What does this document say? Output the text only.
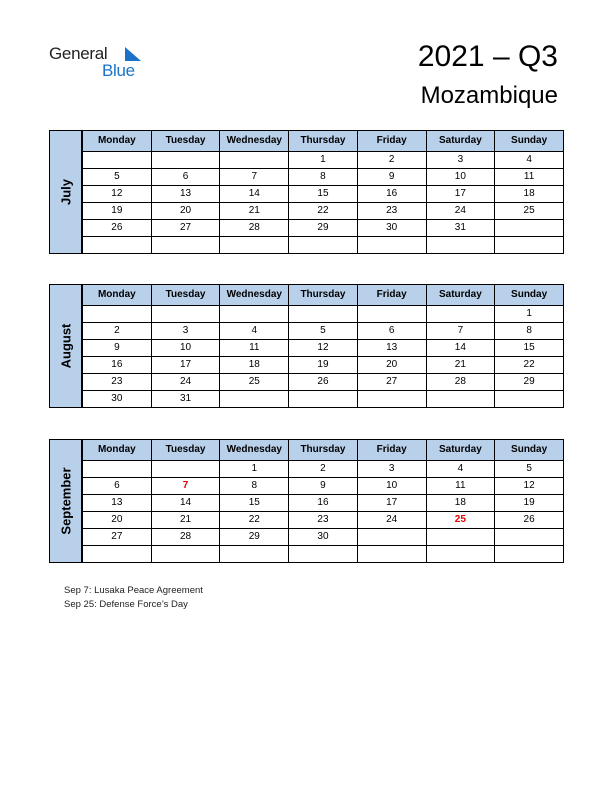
General
Blue	2021 – Q3
Mozambique
July
Monday	Tuesday	Wednesday	Thursday	Friday	Saturday	Sunday
			1	2	3	4
5	6	7	8	9	10	11
12	13	14	15	16	17	18
19	20	21	22	23	24	25
26	27	28	29	30	31	

August
Monday	Tuesday	Wednesday	Thursday	Friday	Saturday	Sunday
						1
2	3	4	5	6	7	8
9	10	11	12	13	14	15
16	17	18	19	20	21	22
23	24	25	26	27	28	29
30	31					
September
Monday	Tuesday	Wednesday	Thursday	Friday	Saturday	Sunday
		1	2	3	4	5
6	7	8	9	10	11	12
13	14	15	16	17	18	19
20	21	22	23	24	25	26
27	28	29	30			

Sep 7: Lusaka Peace Agreement
Sep 25: Defense Force’s Day
